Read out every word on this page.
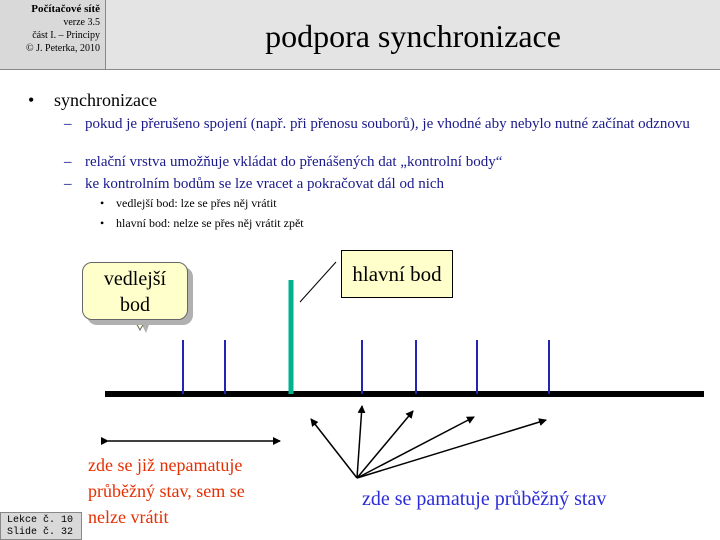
Počítačové sítě
verze 3.5
část I. – Principy
© J. Peterka, 2010	podpora synchronizace
• synchronizace
– pokud je přerušeno spojení (např. při přenosu souborů), je vhodné aby nebylo nutné začínat odznovu
– relační vrstva umožňuje vkládat do přenášených dat „kontrolní body“
– ke kontrolním bodům se lze vracet a pokračovat dál od nich
• vedlejší bod: lze se přes něj vrátit
• hlavní bod: nelze se přes něj vrátit zpět
vedlejší
bod
hlavní bod
zde se již nepamatuje
průběžný stav, sem se
nelze vrátit
zde se pamatuje průběžný stav
Lekce č. 10
Slide č. 32
